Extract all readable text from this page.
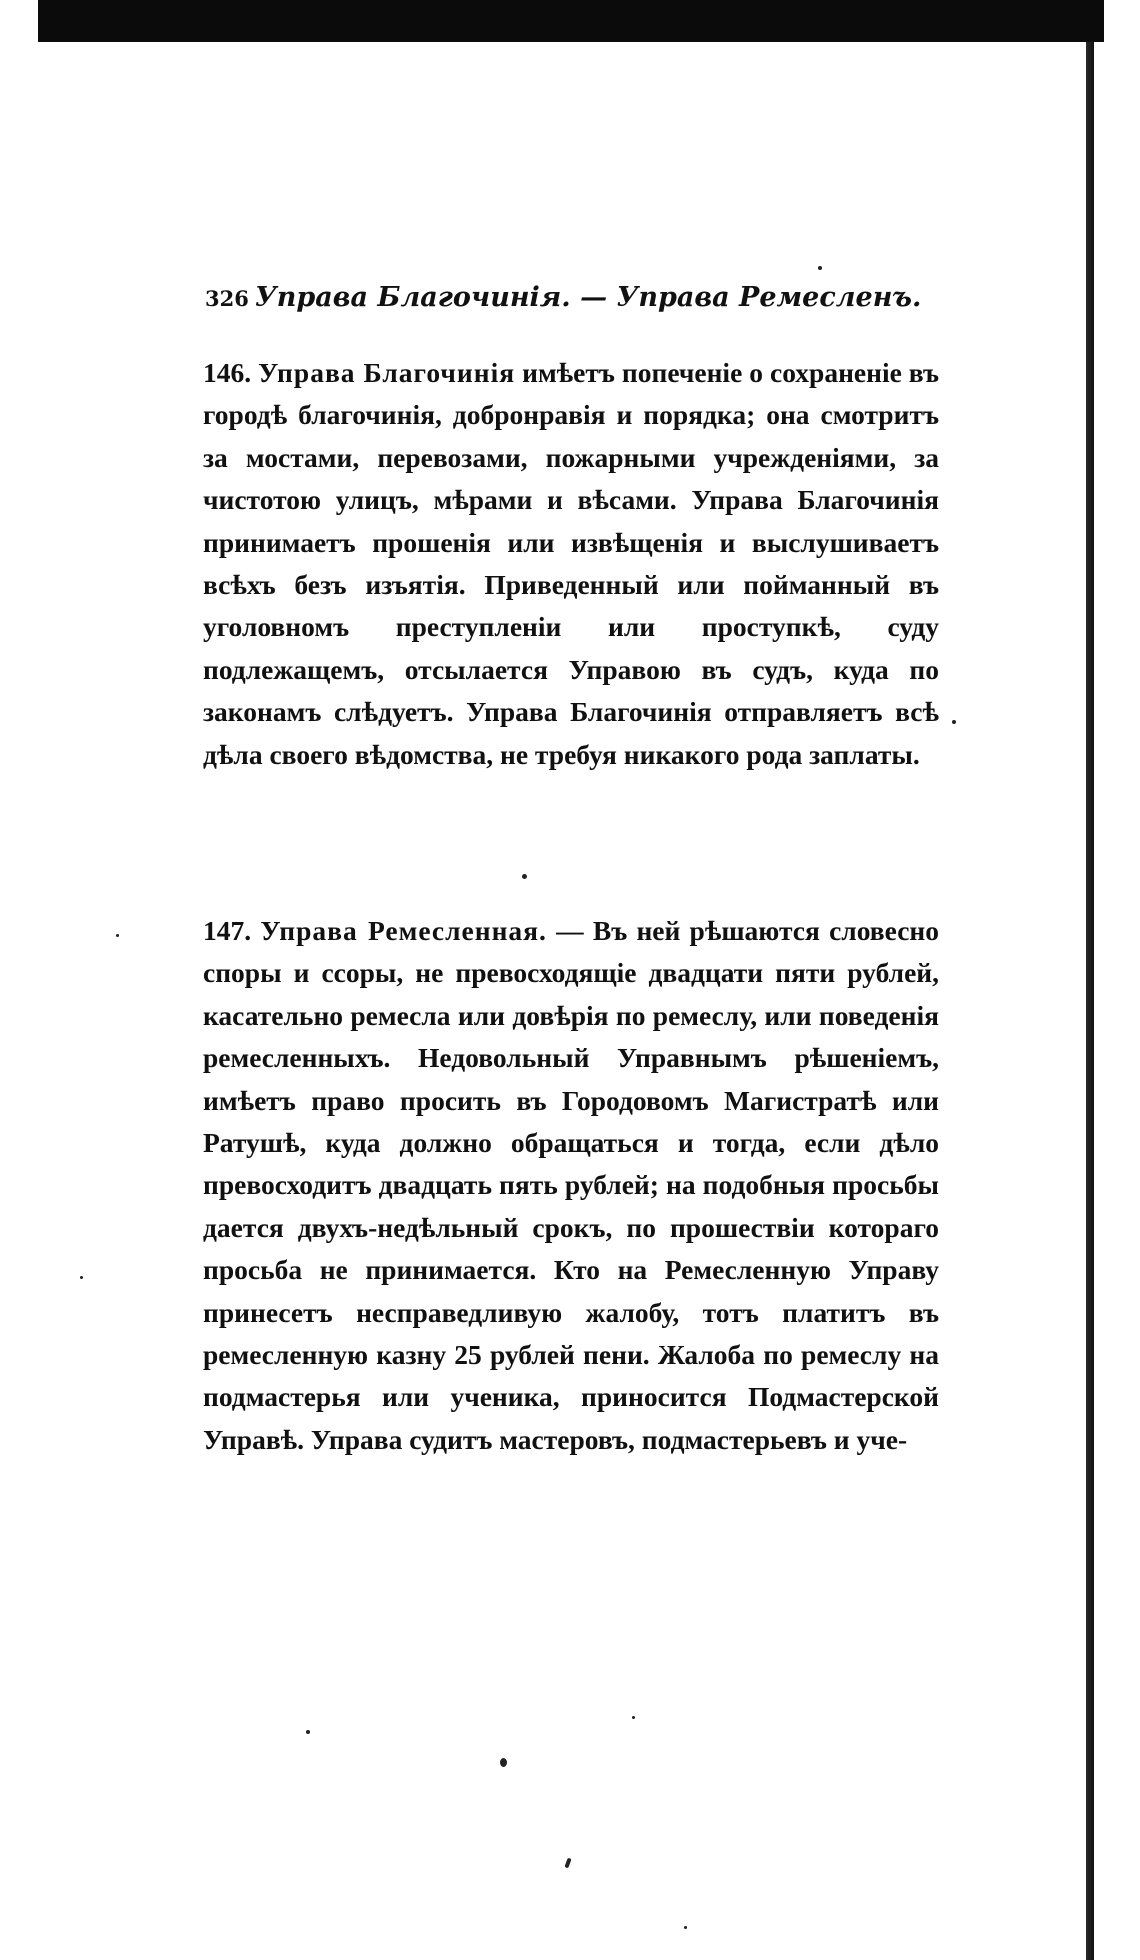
326 Управа Благочинія. — Управа Ремесленъ.
146. Управа Благочинія имѣетъ попеченіе о сохраненіе въ городѣ благочинія, добронравія и порядка; она смотритъ за мостами, перевозами, пожарными учрежденіями, за чистотою улицъ, мѣрами и вѣсами. Управа Благочинія принимаетъ прошенія или извѣщенія и выслушиваетъ всѣхъ безъ изъятія. Приведенный или пойманный въ уголовномъ преступленіи или проступкѣ, суду подлежащемъ, отсылается Управою въ судъ, куда по законамъ слѣдуетъ. Управа Благочинія отправляетъ всѣ дѣла своего вѣдомства, не требуя никакого рода заплаты.
147. Управа Ремесленная. — Въ ней рѣшаются словесно споры и ссоры, не превосходящіе двадцати пяти рублей, касательно ремесла или довѣрія по ремеслу, или поведенія ремесленныхъ. Недовольный Управнымъ рѣшеніемъ, имѣетъ право просить въ Городовомъ Магистратѣ или Ратушѣ, куда должно обращаться и тогда, если дѣло превосходитъ двадцать пять рублей; на подобныя просьбы дается двухъ-недѣльный срокъ, по прошествіи котораго просьба не принимается. Кто на Ремесленную Управу принесетъ несправедливую жалобу, тотъ платитъ въ ремесленную казну 25 рублей пени. Жалоба по ремеслу на подмастерья или ученика, приносится Подмастерской Управѣ. Управа судитъ мастеровъ, подмастерьевъ и уче-
